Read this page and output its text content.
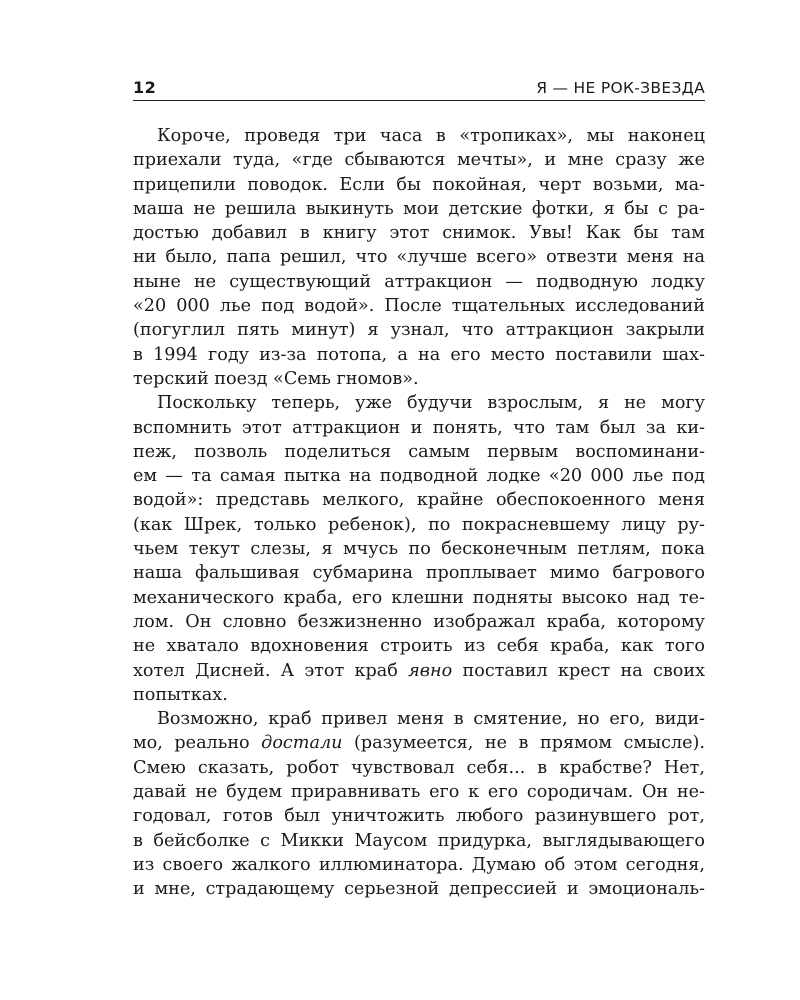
12	Я — НЕ РОК-ЗВЕЗДА
Короче, проведя три часа в «тропиках», мы наконец
приехали туда, «где сбываются мечты», и мне сразу же
прицепили поводок. Если бы покойная, черт возьми, ма-
маша не решила выкинуть мои детские фотки, я бы с ра-
достью добавил в книгу этот снимок. Увы! Как бы там
ни было, папа решил, что «лучше всего» отвезти меня на
ныне не существующий аттракцион — подводную лодку
«20 000 лье под водой». После тщательных исследований
(погуглил пять минут) я узнал, что аттракцион закрыли
в 1994 году из-за потопа, а на его место поставили шах-
терский поезд «Семь гномов».
Поскольку теперь, уже будучи взрослым, я не могу
вспомнить этот аттракцион и понять, что там был за ки-
пеж, позволь поделиться самым первым воспоминани-
ем — та самая пытка на подводной лодке «20 000 лье под
водой»: представь мелкого, крайне обеспокоенного меня
(как Шрек, только ребенок), по покрасневшему лицу ру-
чьем текут слезы, я мчусь по бесконечным петлям, пока
наша фальшивая субмарина проплывает мимо багрового
механического краба, его клешни подняты высоко над те-
лом. Он словно безжизненно изображал краба, которому
не хватало вдохновения строить из себя краба, как того
хотел Дисней. А этот краб явно поставил крест на своих
попытках.
Возможно, краб привел меня в смятение, но его, види-
мо, реально достали (разумеется, не в прямом смысле).
Смею сказать, робот чувствовал себя... в крабстве? Нет,
давай не будем приравнивать его к его сородичам. Он не-
годовал, готов был уничтожить любого разинувшего рот,
в бейсболке с Микки Маусом придурка, выглядывающего
из своего жалкого иллюминатора. Думаю об этом сегодня,
и мне, страдающему серьезной депрессией и эмоциональ-
